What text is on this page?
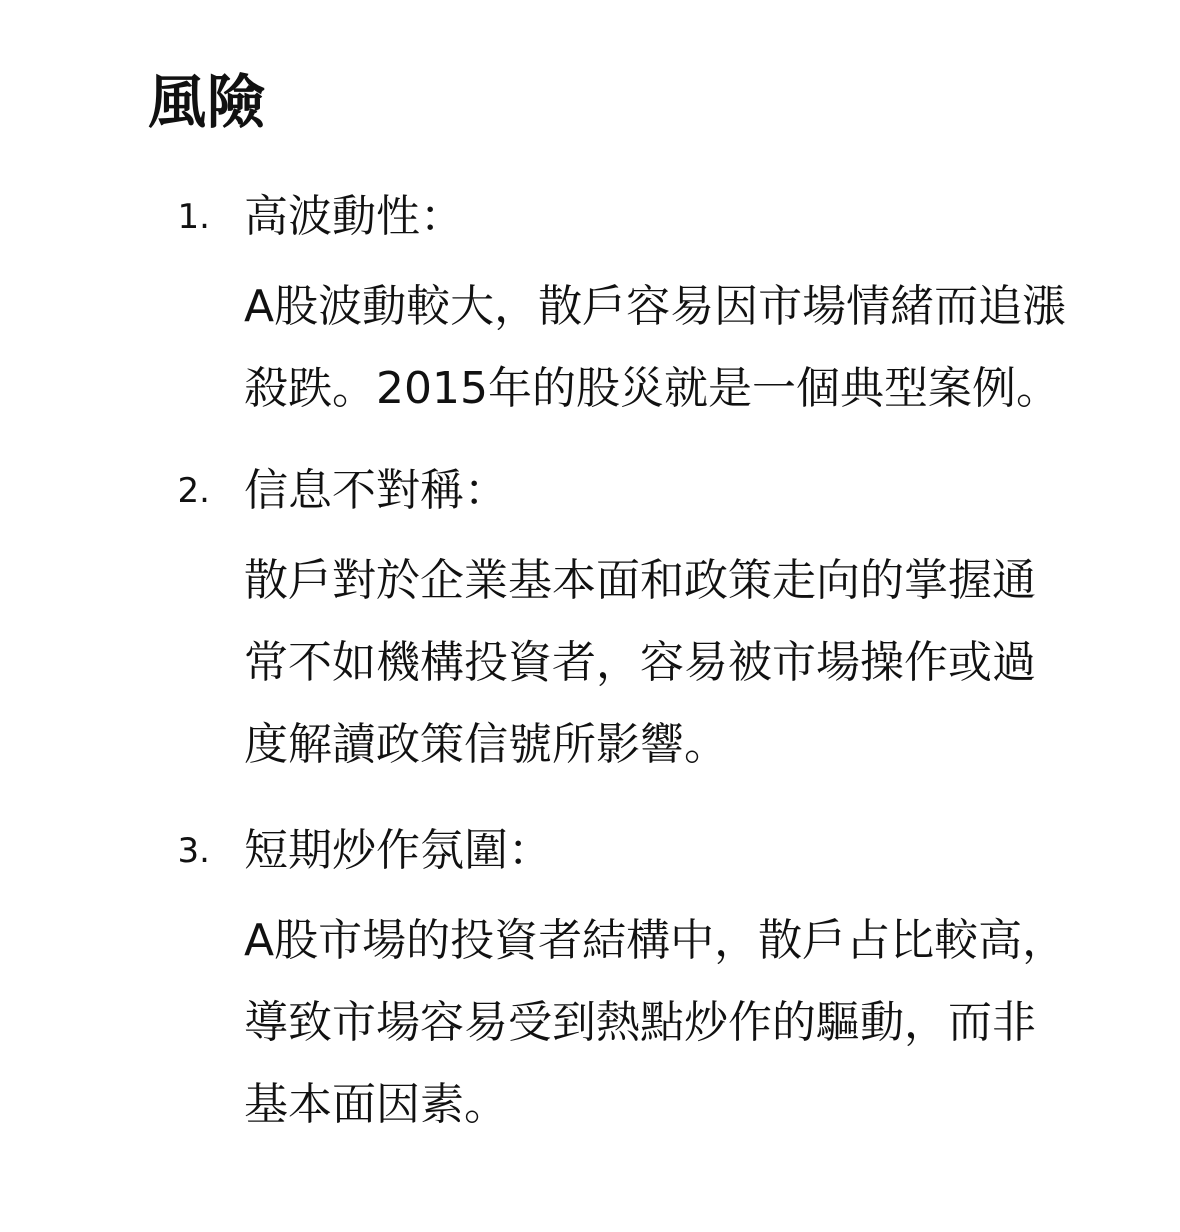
風險
1. 高波動性：
A股波動較大，散戶容易因市場情緒而追漲
殺跌。2015年的股災就是一個典型案例。
2. 信息不對稱：
散戶對於企業基本面和政策走向的掌握通
常不如機構投資者，容易被市場操作或過
度解讀政策信號所影響。
3. 短期炒作氛圍：
A股市場的投資者結構中，散戶占比較高，
導致市場容易受到熱點炒作的驅動，而非
基本面因素。
